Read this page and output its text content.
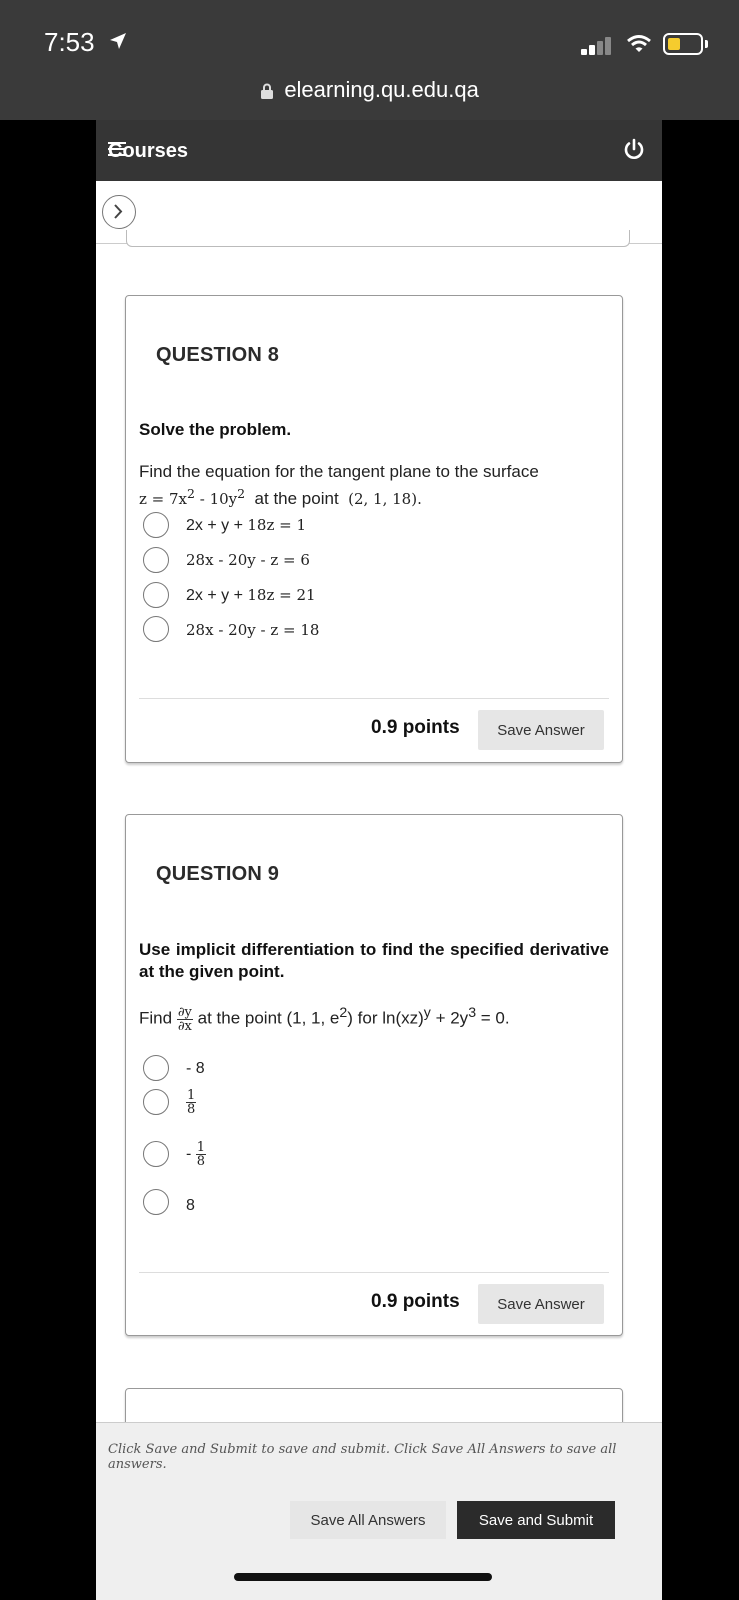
7:53
elearning.qu.edu.qa
Courses
QUESTION 8
Solve the problem.
Find the equation for the tangent plane to the surface
$z = 7x^2 - 10y^2$ at the point (2, 1, 18).
2x + y + 18z = 1
28x - 20y - z = 6
2x + y + 18z = 21
28x - 20y - z = 18
0.9 points	Save Answer
QUESTION 9
Use implicit differentiation to find the specified derivative at the given point.
Find $\frac{\partial y}{\partial x}$ at the point (1, 1, $e^2$) for $\ln(xz)^y + 2y^3 = 0$.
- 8
$\frac{1}{8}$
- $\frac{1}{8}$
8
0.9 points	Save Answer
Click Save and Submit to save and submit. Click Save All Answers to save all answers.
Save All Answers	Save and Submit
